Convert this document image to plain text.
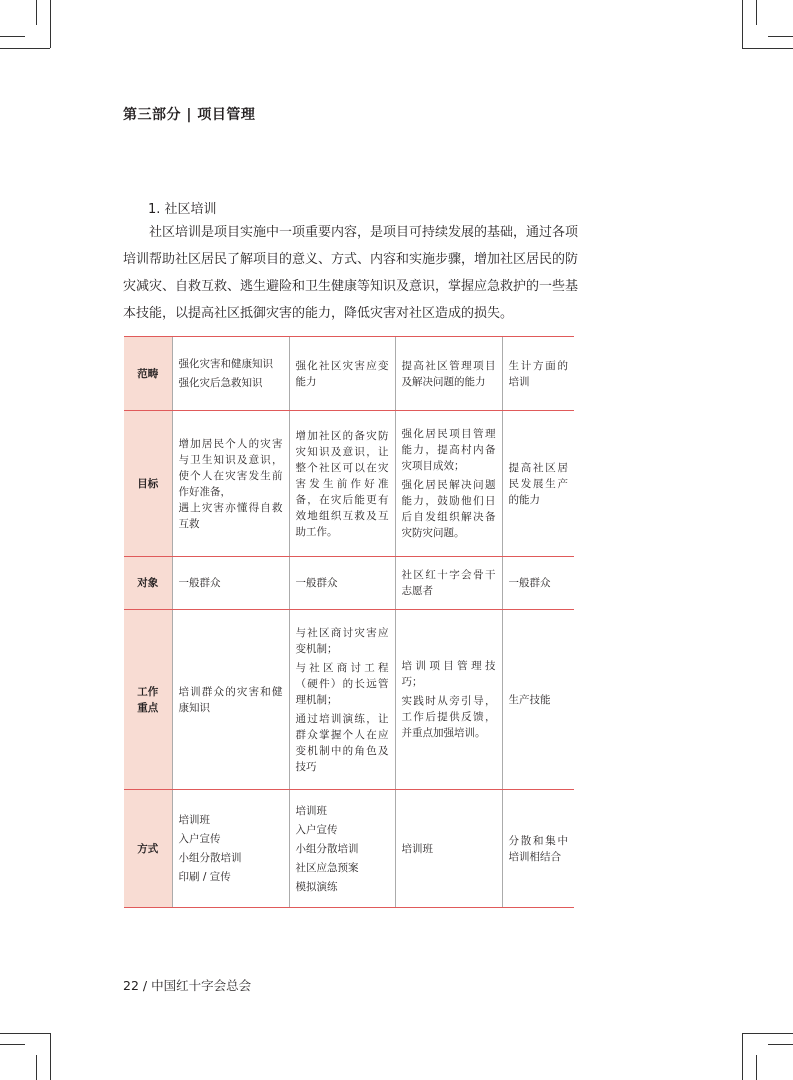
第三部分 | 项目管理
1. 社区培训

社区培训是项目实施中一项重要内容，是项目可持续发展的基础，通过各项培训帮助社区居民了解项目的意义、方式、内容和实施步骤，增加社区居民的防灾减灾、自救互救、逃生避险和卫生健康等知识及意识，掌握应急救护的一些基本技能，以提高社区抵御灾害的能力，降低灾害对社区造成的损失。

范畴	强化灾害和健康知识
强化灾后急救知识	强化社区灾害应变能力	提高社区管理项目及解决问题的能力	生计方面的培训

目标	增加居民个人的灾害与卫生知识及意识，使个人在灾害发生前作好准备，
遇上灾害亦懂得自救互救	增加社区的备灾防灾知识及意识，让整个社区可以在灾害发生前作好准备，在灾后能更有效地组织互救及互助工作。	强化居民项目管理能力，提高村内备灾项目成效；
强化居民解决问题能力，鼓励他们日后自发组织解决备灾防灾问题。	提高社区居民发展生产的能力

对象	一般群众	一般群众	社区红十字会骨干志愿者	一般群众

工作
重点	培训群众的灾害和健康知识	与社区商讨灾害应变机制；
与社区商讨工程（硬件）的长远管理机制；
通过培训演练，让群众掌握个人在应变机制中的角色及技巧	培训项目管理技巧；
实践时从旁引导，工作后提供反馈，并重点加强培训。	生产技能

方式	培训班
入户宣传
小组分散培训
印刷 / 宣传	培训班
入户宣传
小组分散培训
社区应急预案
模拟演练	培训班	分散和集中培训相结合
22 / 中国红十字会总会
